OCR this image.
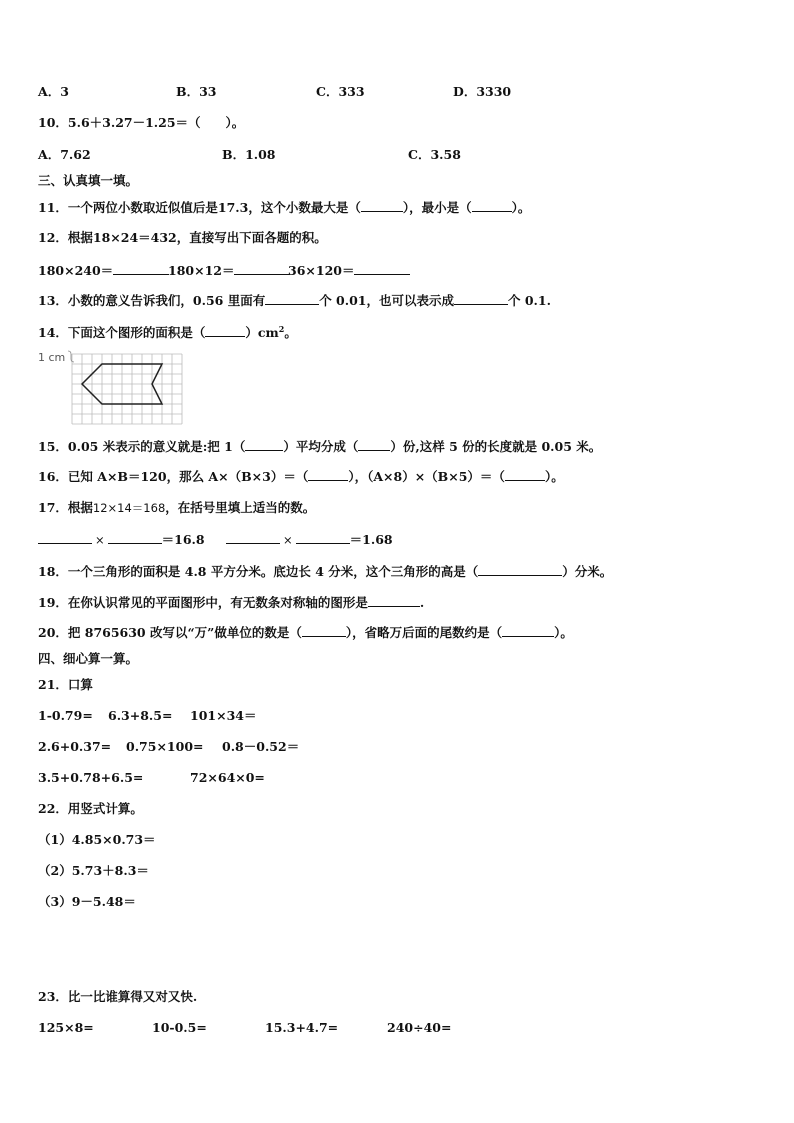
A．3	B．33	C．333	D．3330
10．5.6＋3.27－1.25＝（　　）。
A．7.62	B．1.08	C．3.58
三、认真填一填。
11．一个两位小数取近似值后是17.3，这个小数最大是（	），最小是（	）。
12．根据18×24＝432，直接写出下面各题的积。
180×240＝	180×12＝	36×120＝
13．小数的意义告诉我们，0.56 里面有	个 0.01，也可以表示成	个 0.1.
14．下面这个图形的面积是（	）$cm^2$。
1 cm
15．0.05 米表示的意义就是:把 1（	）平均分成（	）份,这样 5 份的长度就是 0.05 米。
16．已知 A×B＝120，那么 A×（B×3）＝（	），（A×8）×（B×5）＝（	）。
17．根据12×14＝168，在括号里填上适当的数。
×	＝16.8	×	＝1.68
18．一个三角形的面积是 4.8 平方分米。底边长 4 分米，这个三角形的高是（	）分米。
19．在你认识常见的平面图形中，有无数条对称轴的图形是	.
20．把 8765630 改写以“万”做单位的数是（	），省略万后面的尾数约是（	）。
四、细心算一算。
21．口算
1-0.79= 6.3+8.5= 101×34＝
2.6+0.37= 0.75×100= 0.8－0.52＝
3.5+0.78+6.5=	72×64×0=
22．用竖式计算。
（1）4.85×0.73＝
（2）5.73＋8.3＝
（3）9－5.48＝
23．比一比谁算得又对又快.
125×8=	10-0.5=	15.3+4.7=	240÷40=
